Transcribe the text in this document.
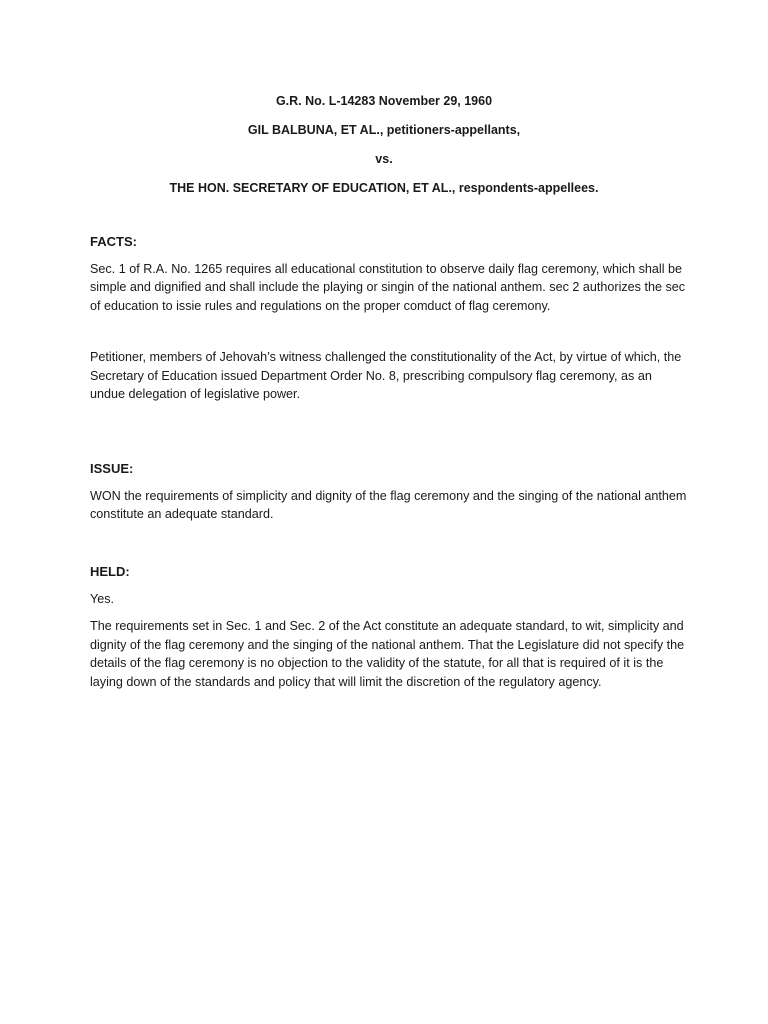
G.R. No. L-14283 November 29, 1960
GIL BALBUNA, ET AL., petitioners-appellants,
vs.
THE HON. SECRETARY OF EDUCATION, ET AL., respondents-appellees.

FACTS:

Sec. 1 of R.A. No. 1265 requires all educational constitution to observe daily flag ceremony, which shall be simple and dignified and shall include the playing or singin of the national anthem. sec 2 authorizes the sec of education to issie rules and regulations on the proper comduct of flag ceremony.

Petitioner, members of Jehovah’s witness challenged the constitutionality of the Act, by virtue of which, the Secretary of Education issued Department Order No. 8, prescribing compulsory flag ceremony, as an undue delegation of legislative power.

ISSUE:

WON the requirements of simplicity and dignity of the flag ceremony and the singing of the national anthem constitute an adequate standard.

HELD:

Yes.

The requirements set in Sec. 1 and Sec. 2 of the Act constitute an adequate standard, to wit, simplicity and dignity of the flag ceremony and the singing of the national anthem. That the Legislature did not specify the details of the flag ceremony is no objection to the validity of the statute, for all that is required of it is the laying down of the standards and policy that will limit the discretion of the regulatory agency.
